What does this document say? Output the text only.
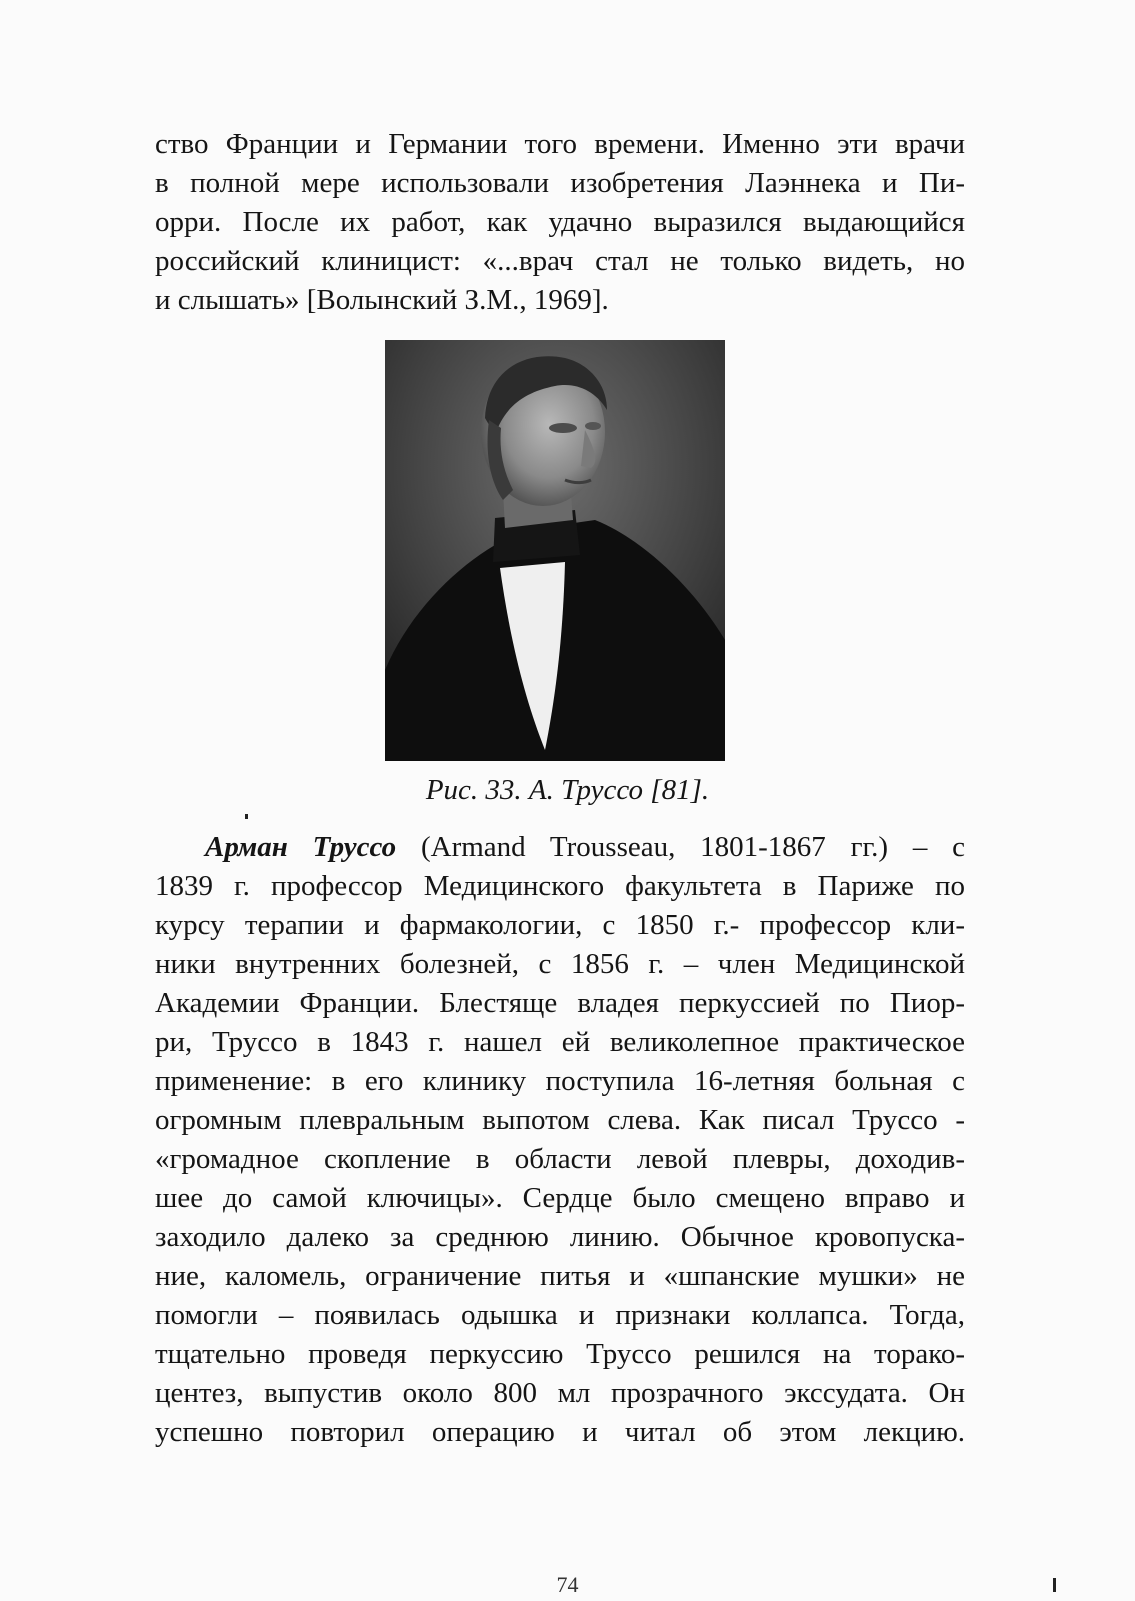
ство Франции и Германии того времени. Именно эти врачи
в полной мере использовали изобретения Лаэннека и Пи-
орри. После их работ, как удачно выразился выдающийся
российский клиницист: «...врач стал не только видеть, но
и слышать» [Волынский З.М., 1969].
Рис. 33. А. Труссо [81].
Арман Труссо (Armand Trousseau, 1801-1867 гг.) – с
1839 г. профессор Медицинского факультета в Париже по
курсу терапии и фармакологии, с 1850 г.- профессор кли-
ники внутренних болезней, с 1856 г. – член Медицинской
Академии Франции. Блестяще владея перкуссией по Пиор-
ри, Труссо в 1843 г. нашел ей великолепное практическое
применение: в его клинику поступила 16-летняя больная с
огромным плевральным выпотом слева. Как писал Труссо -
«громадное скопление в области левой плевры, доходив-
шее до самой ключицы». Сердце было смещено вправо и
заходило далеко за среднюю линию. Обычное кровопуска-
ние, каломель, ограничение питья и «шпанские мушки» не
помогли – появилась одышка и признаки коллапса. Тогда,
тщательно проведя перкуссию Труссо решился на торако-
центез, выпустив около 800 мл прозрачного экссудата. Он
успешно повторил операцию и читал об этом лекцию.
74
